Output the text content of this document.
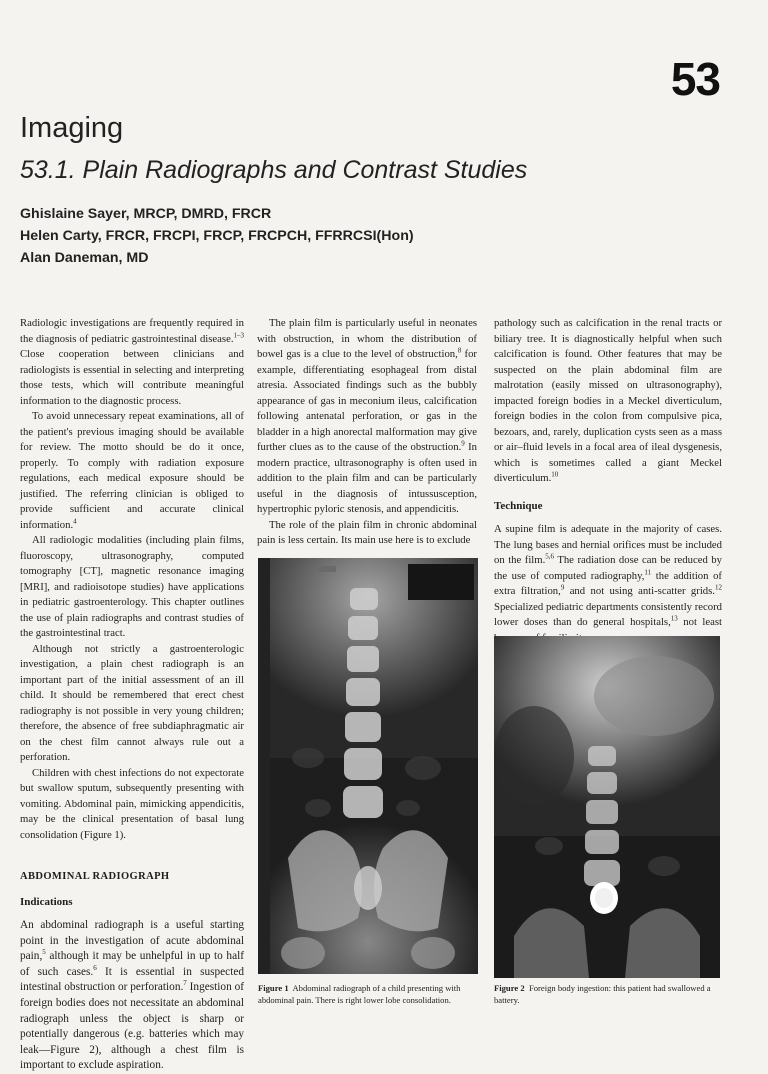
53
Imaging
53.1. Plain Radiographs and Contrast Studies
Ghislaine Sayer, MRCP, DMRD, FRCR
Helen Carty, FRCR, FRCPI, FRCP, FRCPCH, FFRRCSI(Hon)
Alan Daneman, MD

Radiologic investigations are frequently required in the diagnosis of pediatric gastrointestinal disease.$^{1-3}$ Close cooperation between clinicians and radiologists is essential in selecting and interpreting those tests, which will contribute meaningful information to the diagnostic process.

To avoid unnecessary repeat examinations, all of the patient's previous imaging should be available for review. The motto should be do it once, properly. To comply with radiation exposure regulations, each medical exposure should be justified. The referring clinician is obliged to provide sufficient and accurate clinical information.$^4$

All radiologic modalities (including plain films, fluoroscopy, ultrasonography, computed tomography [CT], magnetic resonance imaging [MRI], and radioisotope studies) have applications in pediatric gastroenterology. This chapter outlines the use of plain radiographs and contrast studies of the gastrointestinal tract.

Although not strictly a gastroenterologic investigation, a plain chest radiograph is an important part of the initial assessment of an ill child. It should be remembered that erect chest radiography is not possible in very young children; therefore, the absence of free subdiaphragmatic air on the chest film cannot always rule out a perforation.

Children with chest infections do not expectorate but swallow sputum, subsequently presenting with vomiting. Abdominal pain, mimicking appendicitis, may be the clinical presentation of basal lung consolidation (Figure 1).

ABDOMINAL RADIOGRAPH
Indications

An abdominal radiograph is a useful starting point in the investigation of acute abdominal pain,$^5$ although it may be unhelpful in up to half of such cases.$^6$ It is essential in suspected intestinal obstruction or perforation.$^7$ Ingestion of foreign bodies does not necessitate an abdominal radiograph unless the object is sharp or potentially dangerous (e.g. batteries which may leak—Figure 2), although a chest film is important to exclude aspiration.

The plain film is particularly useful in neonates with obstruction, in whom the distribution of bowel gas is a clue to the level of obstruction,$^8$ for example, differentiating esophageal from distal atresia. Associated findings such as the bubbly appearance of gas in meconium ileus, calcification following antenatal perforation, or gas in the bladder in a high anorectal malformation may give further clues as to the cause of the obstruction.$^9$ In modern practice, ultrasonography is often used in addition to the plain film and can be particularly useful in the diagnosis of intussusception, hypertrophic pyloric stenosis, and appendicitis.

The role of the plain film in chronic abdominal pain is less certain. Its main use here is to exclude

pathology such as calcification in the renal tracts or biliary tree. It is diagnostically helpful when such calcification is found. Other features that may be suspected on the plain abdominal film are malrotation (easily missed on ultrasonography), impacted foreign bodies in a Meckel diverticulum, foreign bodies in the colon from compulsive pica, bezoars, and, rarely, duplication cysts seen as a mass or air–fluid levels in a focal area of ileal dysgenesis, which is sometimes called a giant Meckel diverticulum.$^{10}$

Technique

A supine film is adequate in the majority of cases. The lung bases and hernial orifices must be included on the film.$^{5,6}$ The radiation dose can be reduced by the use of computed radiography,$^{11}$ the addition of extra filtration,$^9$ and not using anti-scatter grids.$^{12}$ Specialized pediatric departments consistently record lower doses than do general hospitals,$^{13}$ not least

Figure 1 Abdominal radiograph of a child presenting with abdominal pain. There is right lower lobe consolidation.
Figure 2 Foreign body ingestion: this patient had swallowed a battery.
